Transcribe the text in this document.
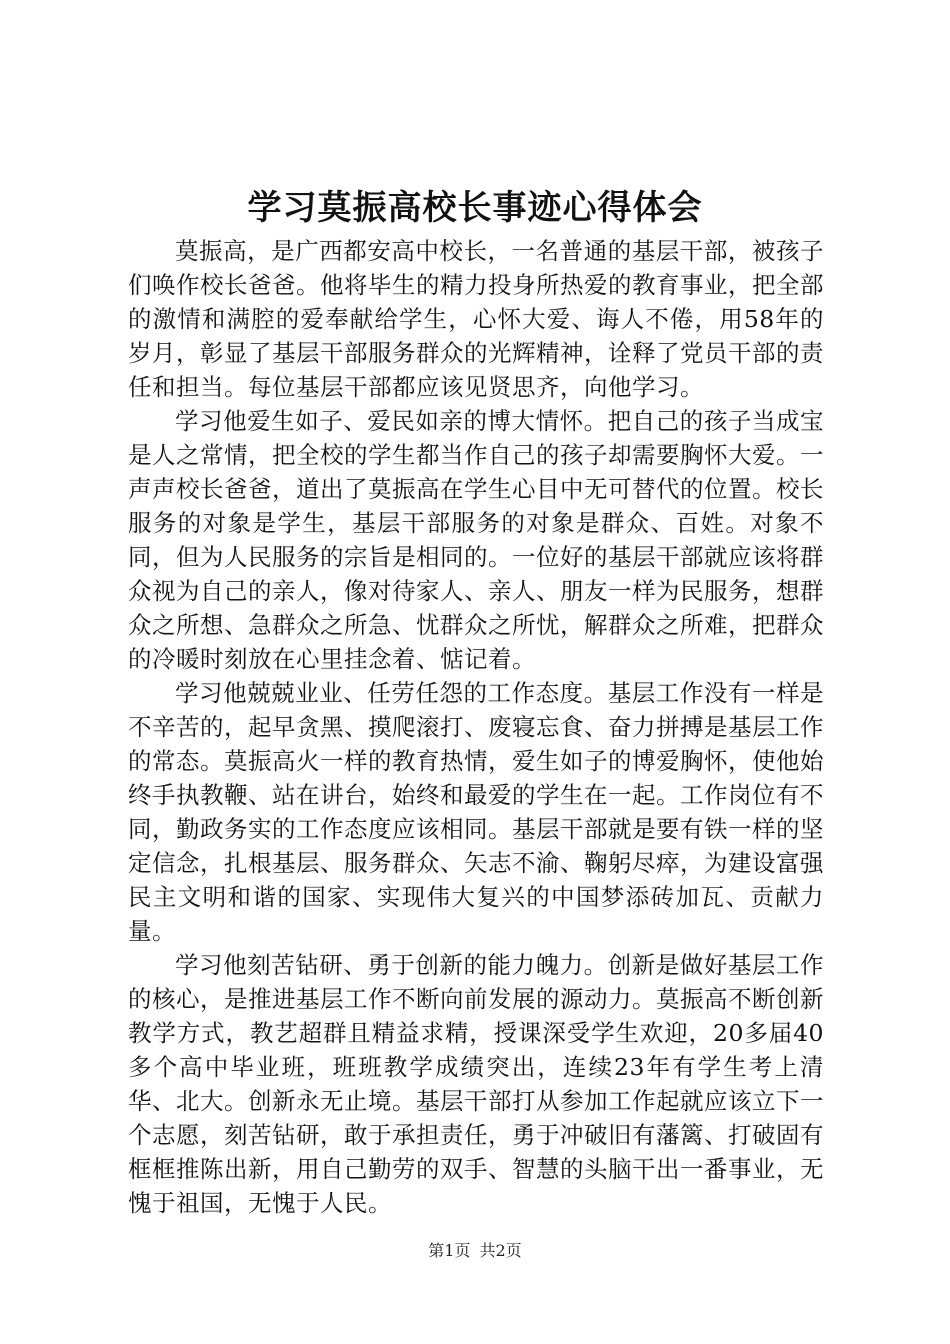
学习莫振高校长事迹心得体会

莫振高，是广西都安高中校长，一名普通的基层干部，被孩子们唤作校长爸爸。他将毕生的精力投身所热爱的教育事业，把全部的激情和满腔的爱奉献给学生，心怀大爱、诲人不倦，用58年的岁月，彰显了基层干部服务群众的光辉精神，诠释了党员干部的责任和担当。每位基层干部都应该见贤思齐，向他学习。

学习他爱生如子、爱民如亲的博大情怀。把自己的孩子当成宝是人之常情，把全校的学生都当作自己的孩子却需要胸怀大爱。一声声校长爸爸，道出了莫振高在学生心目中无可替代的位置。校长服务的对象是学生，基层干部服务的对象是群众、百姓。对象不同，但为人民服务的宗旨是相同的。一位好的基层干部就应该将群众视为自己的亲人，像对待家人、亲人、朋友一样为民服务，想群众之所想、急群众之所急、忧群众之所忧，解群众之所难，把群众的冷暖时刻放在心里挂念着、惦记着。

学习他兢兢业业、任劳任怨的工作态度。基层工作没有一样是不辛苦的，起早贪黑、摸爬滚打、废寝忘食、奋力拼搏是基层工作的常态。莫振高火一样的教育热情，爱生如子的博爱胸怀，使他始终手执教鞭、站在讲台，始终和最爱的学生在一起。工作岗位有不同，勤政务实的工作态度应该相同。基层干部就是要有铁一样的坚定信念，扎根基层、服务群众、矢志不渝、鞠躬尽瘁，为建设富强民主文明和谐的国家、实现伟大复兴的中国梦添砖加瓦、贡献力量。

学习他刻苦钻研、勇于创新的能力魄力。创新是做好基层工作的核心，是推进基层工作不断向前发展的源动力。莫振高不断创新教学方式，教艺超群且精益求精，授课深受学生欢迎，20多届40多个高中毕业班，班班教学成绩突出，连续23年有学生考上清华、北大。创新永无止境。基层干部打从参加工作起就应该立下一个志愿，刻苦钻研，敢于承担责任，勇于冲破旧有藩篱、打破固有框框推陈出新，用自己勤劳的双手、智慧的头脑干出一番事业，无愧于祖国，无愧于人民。

第1页 共2页
